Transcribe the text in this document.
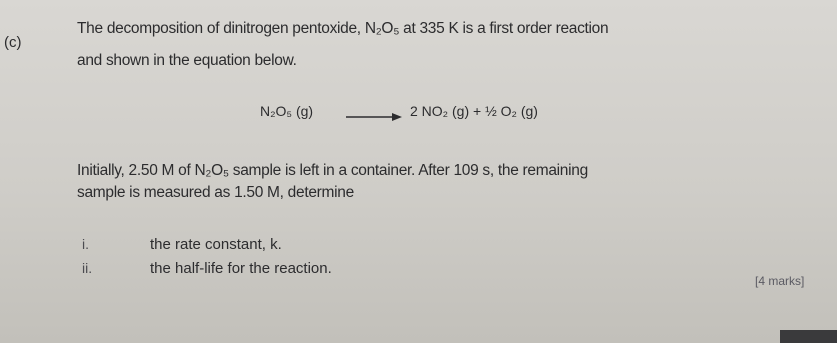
(c)
The decomposition of dinitrogen pentoxide, N₂O₅ at 335 K is a first order reaction
and shown in the equation below.
N₂O₅ (g) → 2 NO₂ (g) + ½ O₂ (g)
Initially, 2.50 M of N₂O₅ sample is left in a container. After 109 s, the remaining
sample is measured as 1.50 M, determine
i.	the rate constant, k.
ii.	the half-life for the reaction.
[4 marks]
